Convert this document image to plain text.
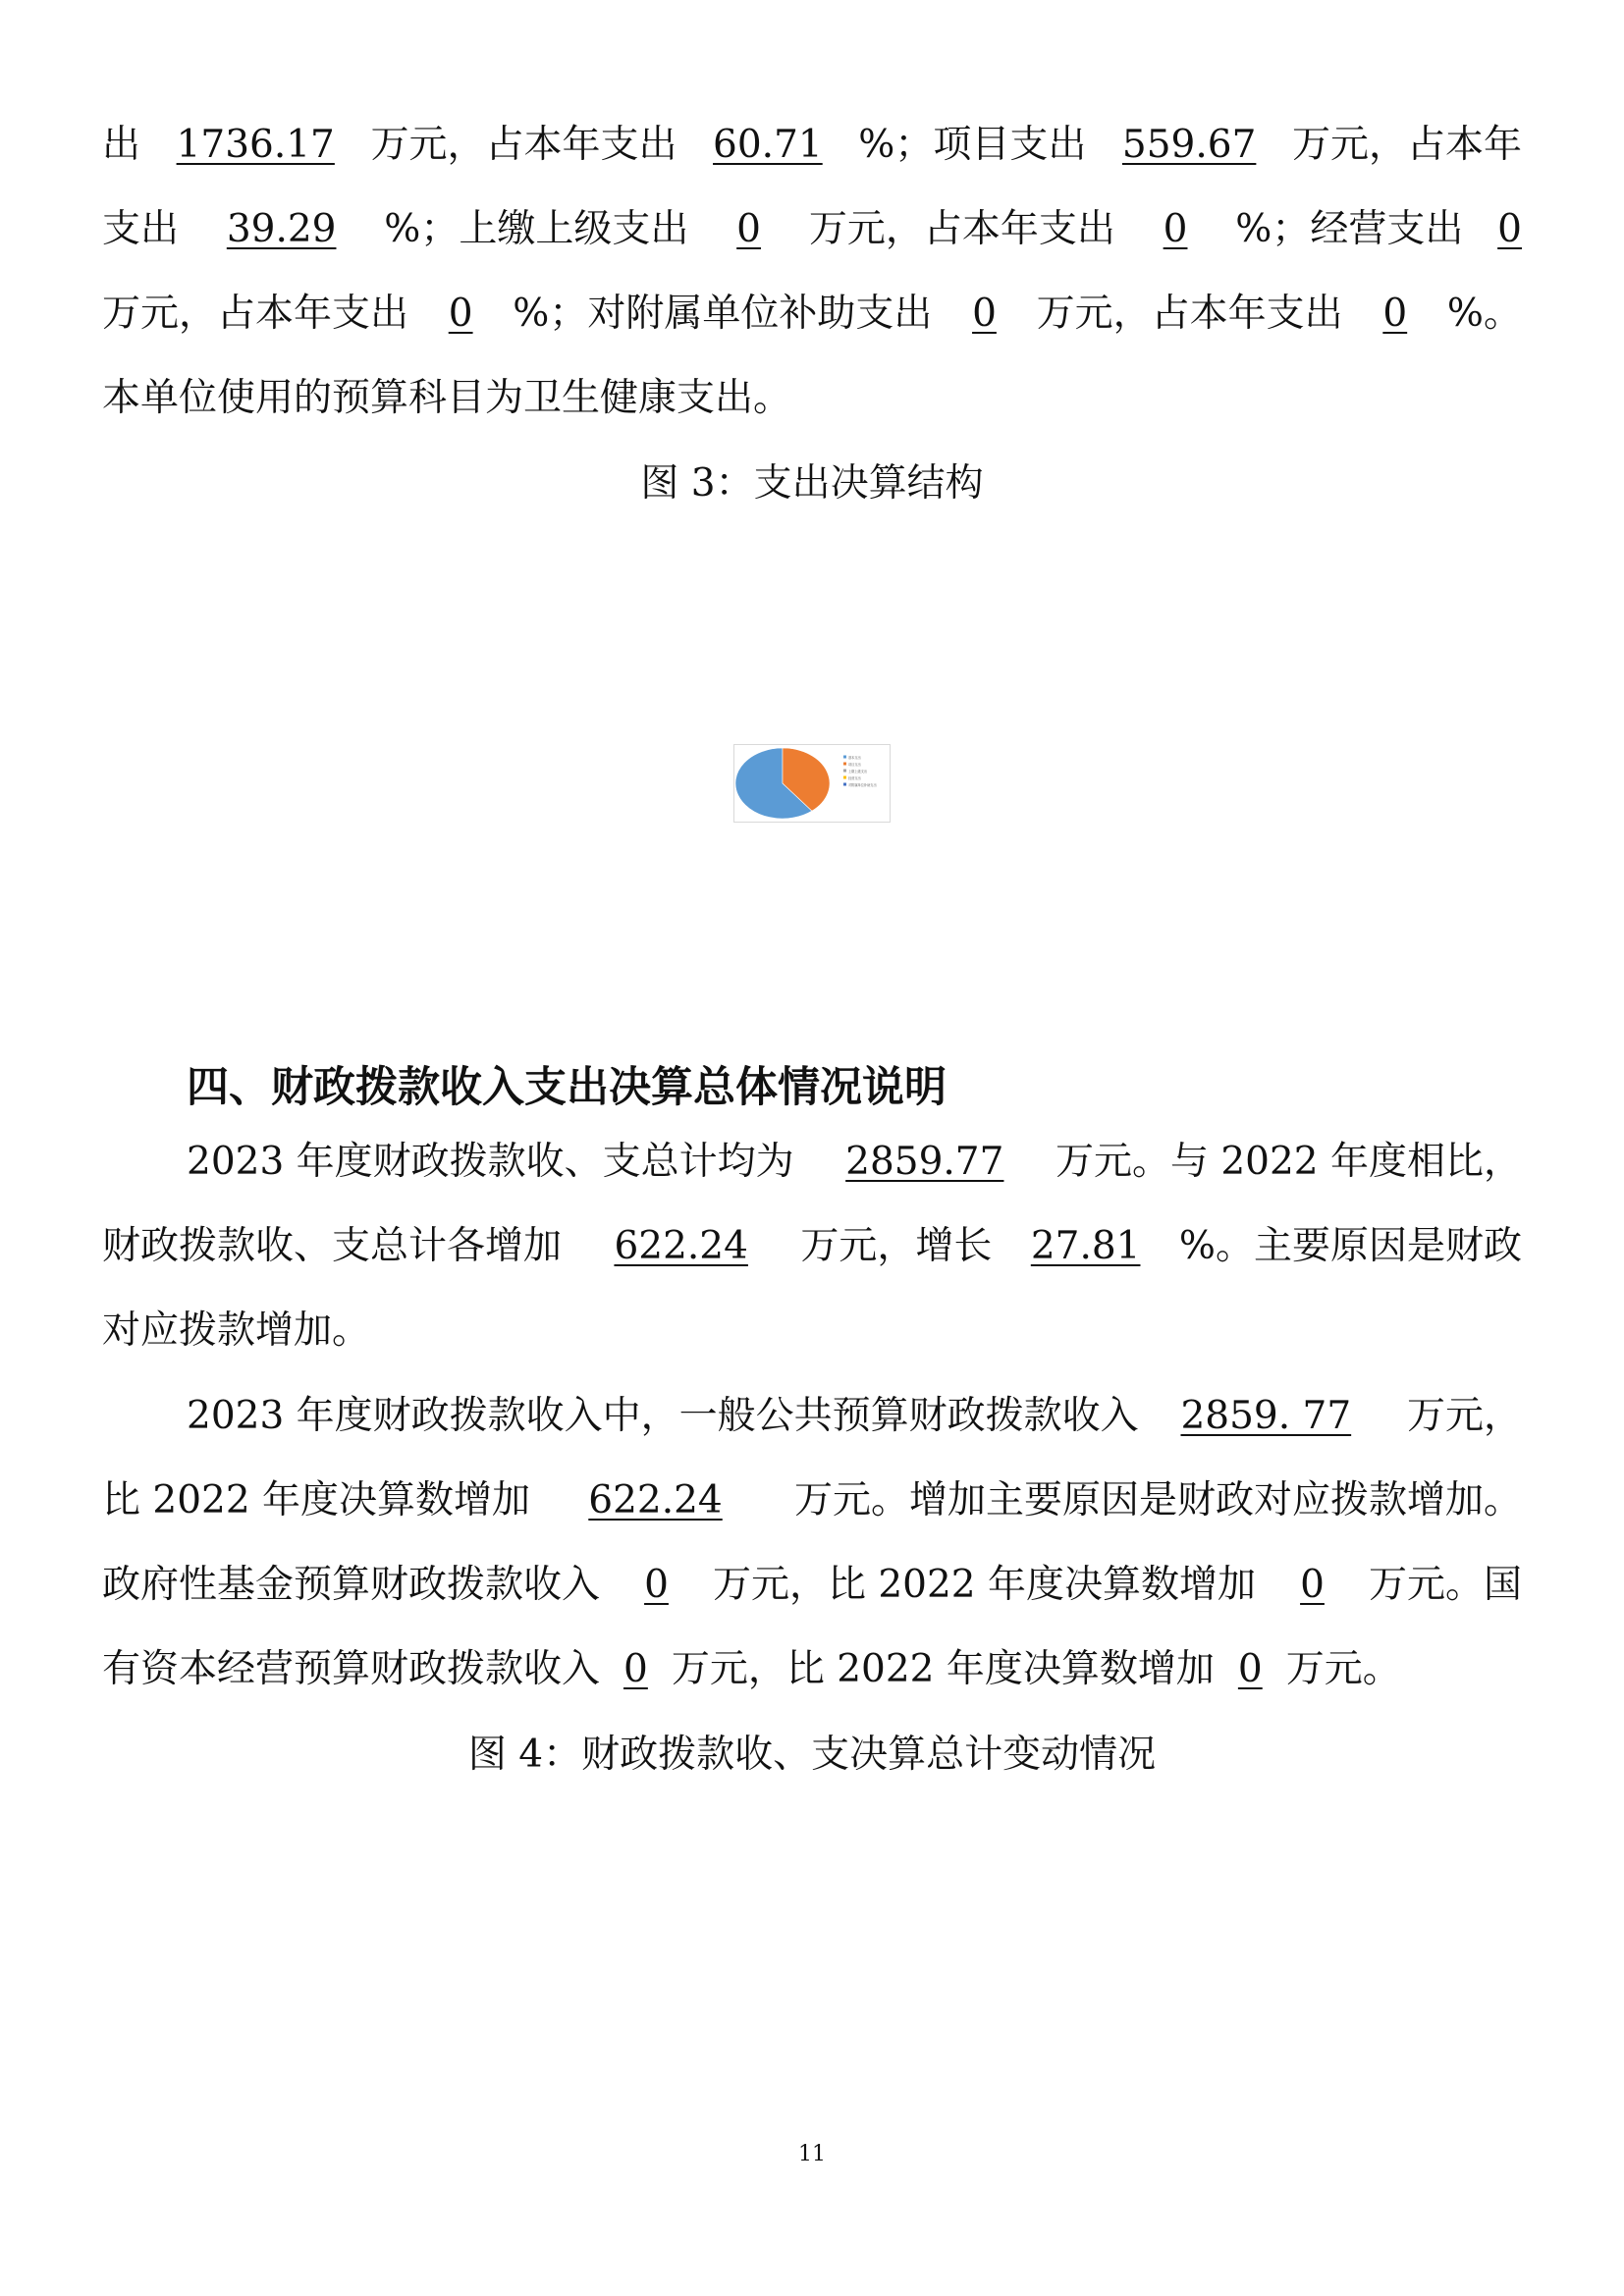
出 1736.17 万元，占本年支出 60.71 %；项目支出 559.67 万元，占本年
支出	39.29	%；上缴上级支出	0	万元，占本年支出	0	%；经营支出 0
万元，占本年支出	0	%；对附属单位补助支出	0	万元，占本年支出	0	%。
本单位使用的预算科目为卫生健康支出。
图 3：支出决算结构
基本支出
项目支出
上缴上级支出
经营支出
对附属单位补助支出
四、财政拨款收入支出决算总体情况说明
2023 年度财政拨款收、支总计均为	2859.77	万元。与 2022 年度相比，
财政拨款收、支总计各增加	622.24	万元，增长 27.81 %。主要原因是财政
对应拨款增加。
2023 年度财政拨款收入中，一般公共预算财政拨款收入 2859. 77	万元，
比 2022 年度决算数增加 622.24	万元。增加主要原因是财政对应拨款增加。
政府性基金预算财政拨款收入	0	万元，比 2022 年度决算数增加	0	万元。国
有资本经营预算财政拨款收入 0 万元，比 2022 年度决算数增加 0 万元。
图 4：财政拨款收、支决算总计变动情况
11
